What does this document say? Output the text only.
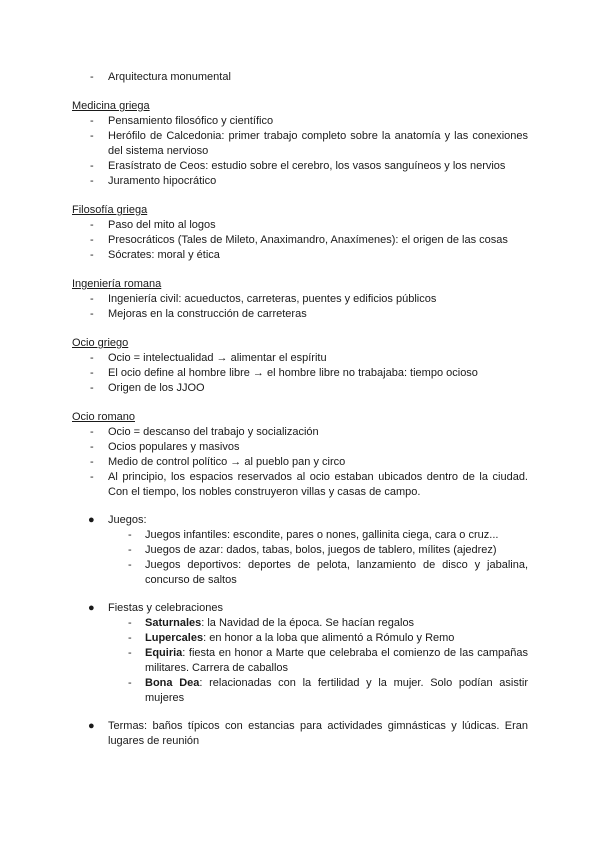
- Arquitectura monumental
Medicina griega
- Pensamiento filosófico y científico
- Herófilo de Calcedonia: primer trabajo completo sobre la anatomía y las conexiones del sistema nervioso
- Erasístrato de Ceos: estudio sobre el cerebro, los vasos sanguíneos y los nervios
- Juramento hipocrático
Filosofía griega
- Paso del mito al logos
- Presocráticos (Tales de Mileto, Anaximandro, Anaxímenes): el origen de las cosas
- Sócrates: moral y ética
Ingeniería romana
- Ingeniería civil: acueductos, carreteras, puentes y edificios públicos
- Mejoras en la construcción de carreteras
Ocio griego
- Ocio = intelectualidad → alimentar el espíritu
- El ocio define al hombre libre → el hombre libre no trabajaba: tiempo ocioso
- Origen de los JJOO
Ocio romano
- Ocio = descanso del trabajo y socialización
- Ocios populares y masivos
- Medio de control político → al pueblo pan y circo
- Al principio, los espacios reservados al ocio estaban ubicados dentro de la ciudad. Con el tiempo, los nobles construyeron villas y casas de campo.
● Juegos:
- Juegos infantiles: escondite, pares o nones, gallinita ciega, cara o cruz...
- Juegos de azar: dados, tabas, bolos, juegos de tablero, mílites (ajedrez)
- Juegos deportivos: deportes de pelota, lanzamiento de disco y jabalina, concurso de saltos
● Fiestas y celebraciones
- Saturnales: la Navidad de la época. Se hacían regalos
- Lupercales: en honor a la loba que alimentó a Rómulo y Remo
- Equiria: fiesta en honor a Marte que celebraba el comienzo de las campañas militares. Carrera de caballos
- Bona Dea: relacionadas con la fertilidad y la mujer. Solo podían asistir mujeres
● Termas: baños típicos con estancias para actividades gimnásticas y lúdicas. Eran lugares de reunión
